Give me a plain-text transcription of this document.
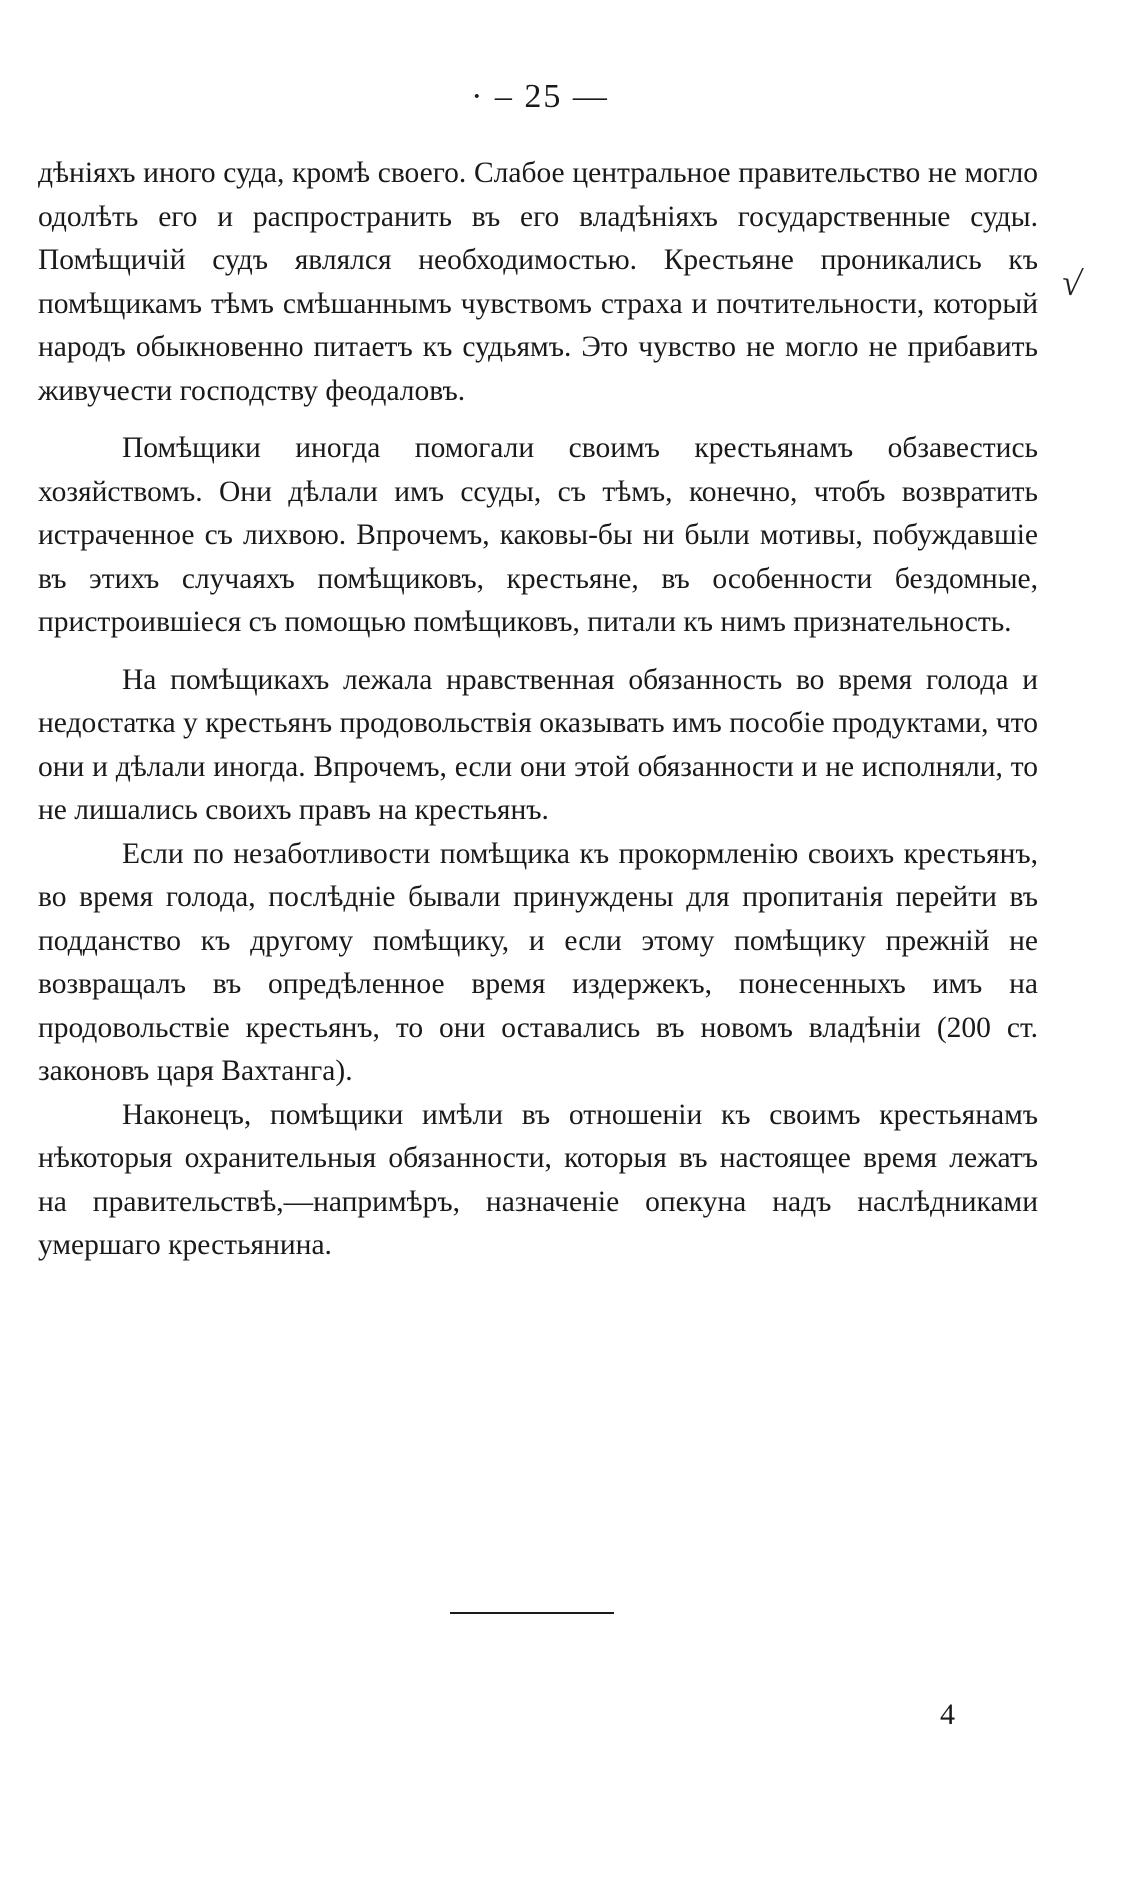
· – 25 —
√

дѣніяхъ иного суда, кромѣ своего. Слабое центральное правительство не могло одолѣть его и распространить въ его владѣніяхъ государственные суды. Помѣщичій судъ являлся необходимостью. Крестьяне проникались къ помѣщикамъ тѣмъ смѣшаннымъ чувствомъ страха и почтительности, который народъ обыкновенно питаетъ къ судьямъ. Это чувство не могло не прибавить живучести господству феодаловъ.

Помѣщики иногда помогали своимъ крестьянамъ обзавестись хозяйствомъ. Они дѣлали имъ ссуды, съ тѣмъ, конечно, чтобъ возвратить истраченное съ лихвою. Впрочемъ, каковы-бы ни были мотивы, побуждавшіе въ этихъ случаяхъ помѣщиковъ, крестьяне, въ особенности бездомные, пристроившіеся съ помощью помѣщиковъ, питали къ нимъ признательность.

На помѣщикахъ лежала нравственная обязанность во время голода и недостатка у крестьянъ продовольствія оказывать имъ пособіе продуктами, что они и дѣлали иногда. Впрочемъ, если они этой обязанности и не исполняли, то не лишались своихъ правъ на крестьянъ.

Если по незаботливости помѣщика къ прокормленію своихъ крестьянъ, во время голода, послѣдніе бывали принуждены для пропитанія перейти въ подданство къ другому помѣщику, и если этому помѣщику прежній не возвращалъ въ опредѣленное время издержекъ, понесенныхъ имъ на продовольствіе крестьянъ, то они оставались въ новомъ владѣніи (200 ст. законовъ царя Вахтанга).

Наконецъ, помѣщики имѣли въ отношеніи къ своимъ крестьянамъ нѣкоторыя охранительныя обязанности, которыя въ настоящее время лежатъ на правительствѣ,—напримѣръ, назначеніе опекуна надъ наслѣдниками умершаго крестьянина.

4
